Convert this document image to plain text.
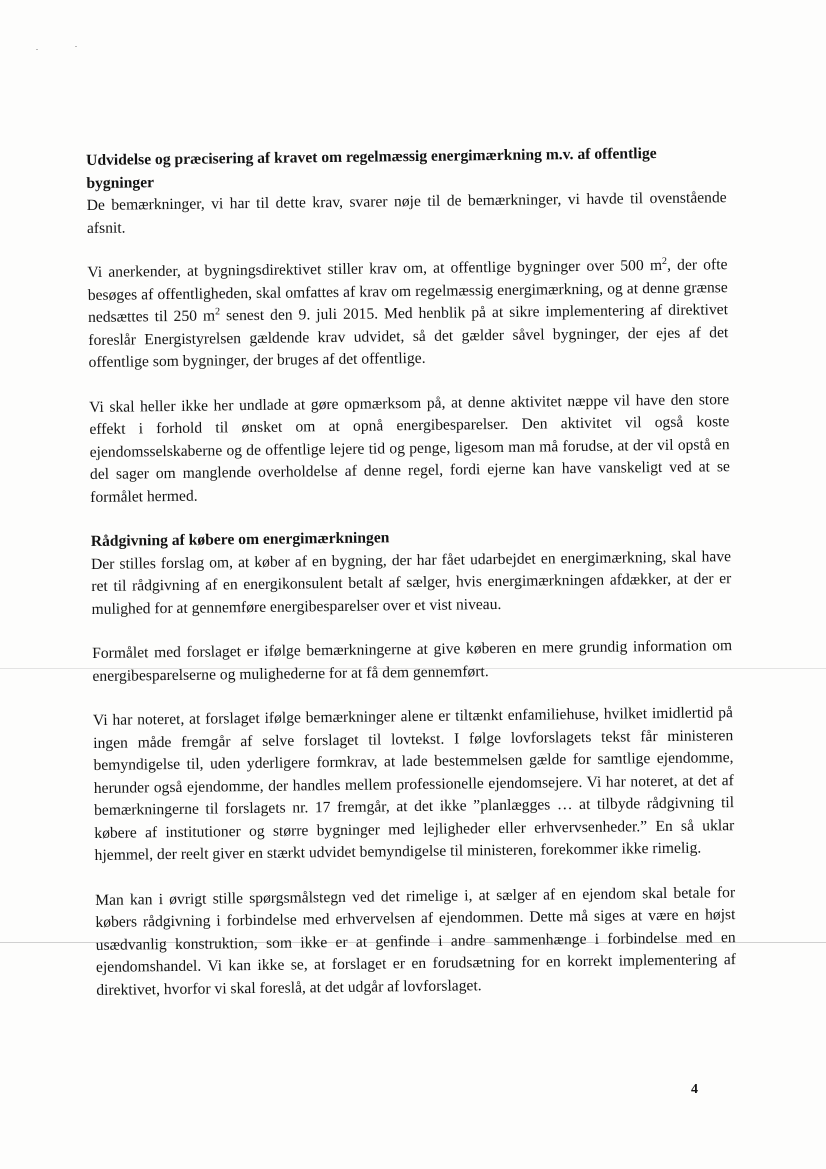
Udvidelse og præcisering af kravet om regelmæssig energimærkning m.v. af offentlige bygninger

De bemærkninger, vi har til dette krav, svarer nøje til de bemærkninger, vi havde til ovenstående afsnit.

Vi anerkender, at bygningsdirektivet stiller krav om, at offentlige bygninger over 500 $m^2$, der ofte besøges af offentligheden, skal omfattes af krav om regelmæssig energimærkning, og at denne grænse nedsættes til 250 $m^2$ senest den 9. juli 2015. Med henblik på at sikre implementering af direktivet foreslår Energistyrelsen gældende krav udvidet, så det gælder såvel bygninger, der ejes af det offentlige som bygninger, der bruges af det offentlige.

Vi skal heller ikke her undlade at gøre opmærksom på, at denne aktivitet næppe vil have den store effekt i forhold til ønsket om at opnå energibesparelser. Den aktivitet vil også koste ejendomsselskaberne og de offentlige lejere tid og penge, ligesom man må forudse, at der vil opstå en del sager om manglende overholdelse af denne regel, fordi ejerne kan have vanskeligt ved at se formålet hermed.

Rådgivning af købere om energimærkningen

Der stilles forslag om, at køber af en bygning, der har fået udarbejdet en energimærkning, skal have ret til rådgivning af en energikonsulent betalt af sælger, hvis energimærkningen afdækker, at der er mulighed for at gennemføre energibesparelser over et vist niveau.

Formålet med forslaget er ifølge bemærkningerne at give køberen en mere grundig information om energibesparelserne og mulighederne for at få dem gennemført.

Vi har noteret, at forslaget ifølge bemærkninger alene er tiltænkt enfamiliehuse, hvilket imidlertid på ingen måde fremgår af selve forslaget til lovtekst. I følge lovforslagets tekst får ministeren bemyndigelse til, uden yderligere formkrav, at lade bestemmelsen gælde for samtlige ejendomme, herunder også ejendomme, der handles mellem professionelle ejendomsejere. Vi har noteret, at det af bemærkningerne til forslagets nr. 17 fremgår, at det ikke ”planlægges … at tilbyde rådgivning til købere af institutioner og større bygninger med lejligheder eller erhvervsenheder.” En så uklar hjemmel, der reelt giver en stærkt udvidet bemyndigelse til ministeren, forekommer ikke rimelig.

Man kan i øvrigt stille spørgsmålstegn ved det rimelige i, at sælger af en ejendom skal betale for købers rådgivning i forbindelse med erhvervelsen af ejendommen. Dette må siges at være en højst usædvanlig konstruktion, som ikke er at genfinde i andre sammenhænge i forbindelse med en ejendomshandel. Vi kan ikke se, at forslaget er en forudsætning for en korrekt implementering af direktivet, hvorfor vi skal foreslå, at det udgår af lovforslaget.

4
